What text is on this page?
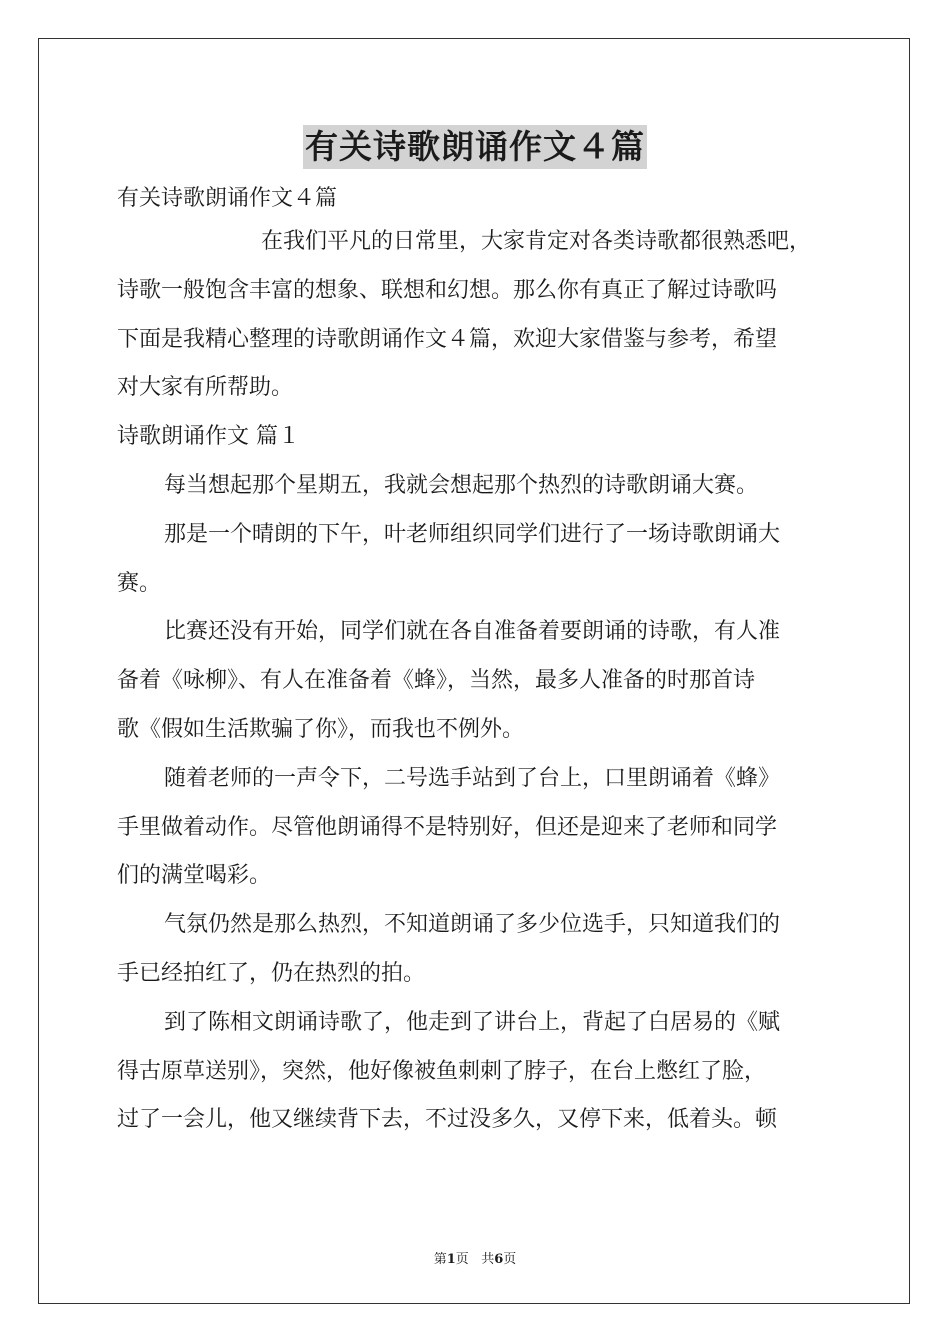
有关诗歌朗诵作文４篇

有关诗歌朗诵作文４篇

在我们平凡的日常里，大家肯定对各类诗歌都很熟悉吧，

诗歌一般饱含丰富的想象、联想和幻想。那么你有真正了解过诗歌吗

下面是我精心整理的诗歌朗诵作文４篇，欢迎大家借鉴与参考，希望

对大家有所帮助。

诗歌朗诵作文 篇１

每当想起那个星期五，我就会想起那个热烈的诗歌朗诵大赛。

那是一个晴朗的下午，叶老师组织同学们进行了一场诗歌朗诵大

赛。

比赛还没有开始，同学们就在各自准备着要朗诵的诗歌，有人准

备着《咏柳》、有人在准备着《蜂》，当然，最多人准备的时那首诗

歌《假如生活欺骗了你》，而我也不例外。

随着老师的一声令下，二号选手站到了台上，口里朗诵着《蜂》

手里做着动作。尽管他朗诵得不是特别好，但还是迎来了老师和同学

们的满堂喝彩。

气氛仍然是那么热烈，不知道朗诵了多少位选手，只知道我们的

手已经拍红了，仍在热烈的拍。

到了陈相文朗诵诗歌了，他走到了讲台上，背起了白居易的《赋

得古原草送别》，突然，他好像被鱼刺刺了脖子，在台上憋红了脸，

过了一会儿，他又继续背下去，不过没多久，又停下来，低着头。顿

第1页 共6页
